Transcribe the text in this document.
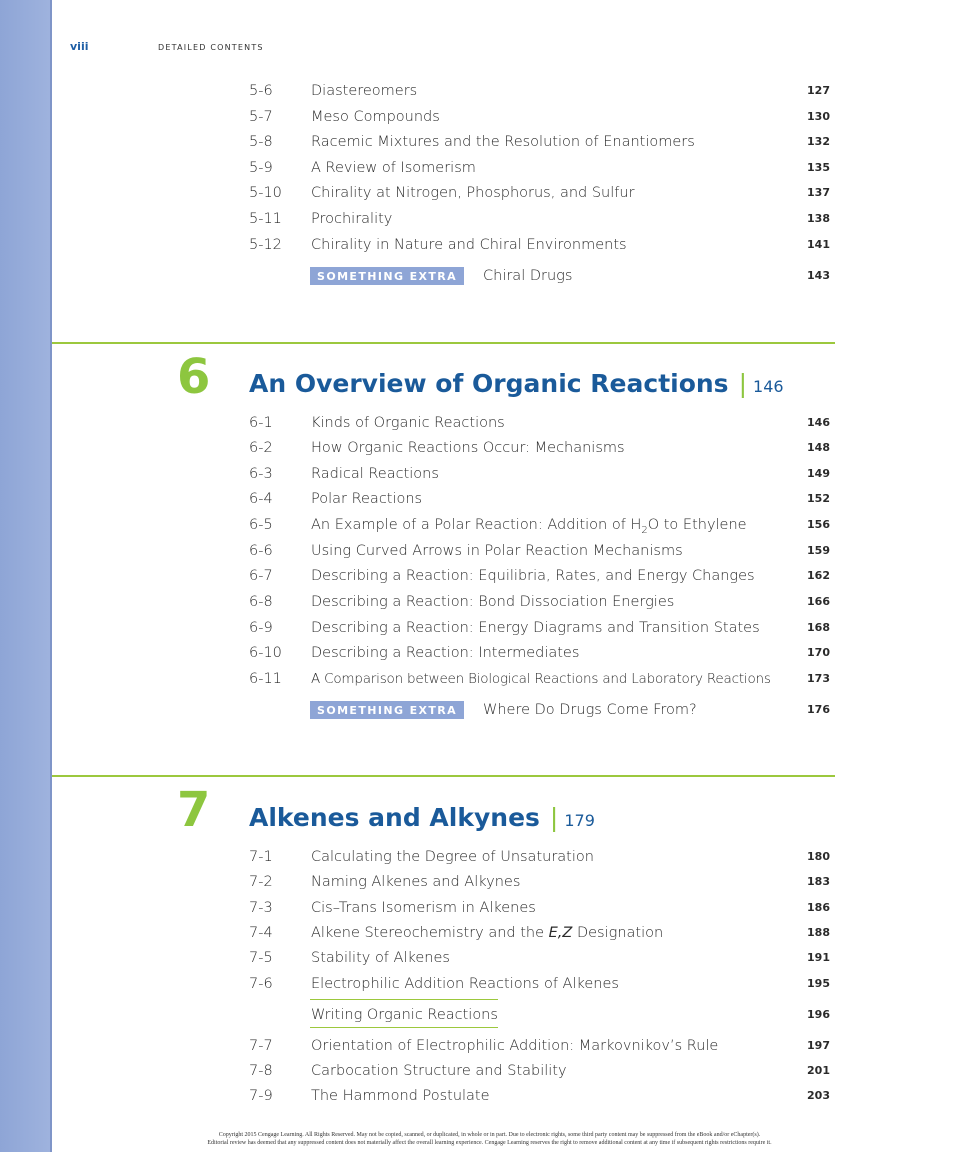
viii	DETAILED CONTENTS
5-6	Diastereomers	127
5-7	Meso Compounds	130
5-8	Racemic Mixtures and the Resolution of Enantiomers	132
5-9	A Review of Isomerism	135
5-10 Chirality at Nitrogen, Phosphorus, and Sulfur	137
5-11 Prochirality	138
5-12 Chirality in Nature and Chiral Environments	141
SOMETHING EXTRA	Chiral Drugs	143
6 An Overview of Organic Reactions | 146
6-1	Kinds of Organic Reactions	146
6-2	How Organic Reactions Occur: Mechanisms	148
6-3	Radical Reactions	149
6-4	Polar Reactions	152
6-5	An Example of a Polar Reaction: Addition of $H_2O$ to Ethylene	156
6-6	Using Curved Arrows in Polar Reaction Mechanisms	159
6-7	Describing a Reaction: Equilibria, Rates, and Energy Changes	162
6-8	Describing a Reaction: Bond Dissociation Energies	166
6-9	Describing a Reaction: Energy Diagrams and Transition States	168
6-10 Describing a Reaction: Intermediates	170
6-11 A Comparison between Biological Reactions and Laboratory Reactions	173
SOMETHING EXTRA	Where Do Drugs Come From?	176
7 Alkenes and Alkynes | 179
7-1	Calculating the Degree of Unsaturation	180
7-2	Naming Alkenes and Alkynes	183
7-3	Cis–Trans Isomerism in Alkenes	186
7-4	Alkene Stereochemistry and the E,Z Designation	188
7-5	Stability of Alkenes	191
7-6	Electrophilic Addition Reactions of Alkenes	195
Writing Organic Reactions	196
7-7	Orientation of Electrophilic Addition: Markovnikov’s Rule	197
7-8	Carbocation Structure and Stability	201
7-9	The Hammond Postulate	203
Copyright 2015 Cengage Learning. All Rights Reserved. May not be copied, scanned, or duplicated, in whole or in part. Due to electronic rights, some third party content may be suppressed from the eBook and/or eChapter(s).
Editorial review has deemed that any suppressed content does not materially affect the overall learning experience. Cengage Learning reserves the right to remove additional content at any time if subsequent rights restrictions require it.
